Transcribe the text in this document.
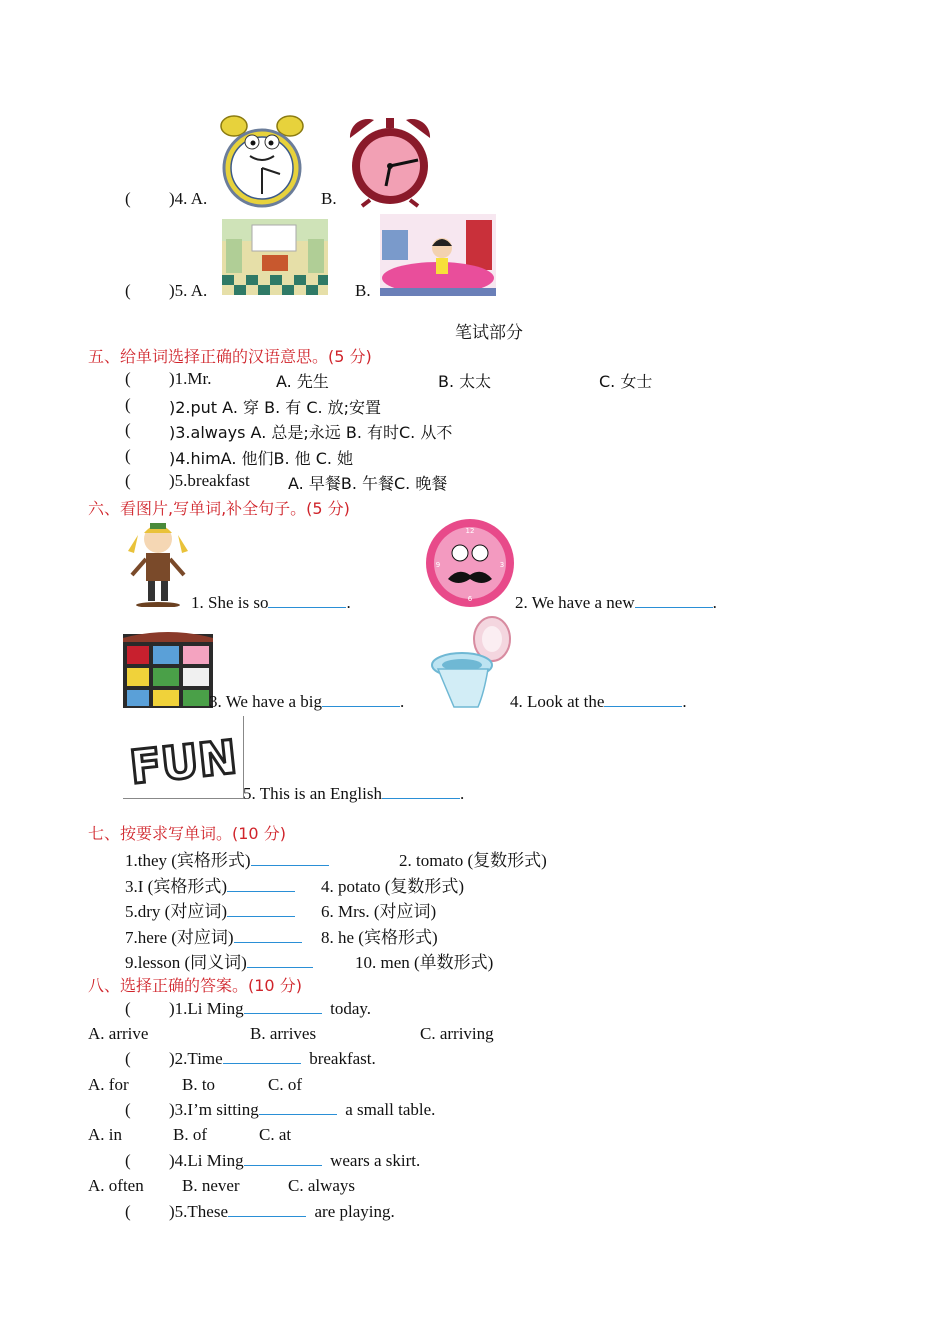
( )4. A.	B.
( )5. A.	B.
笔试部分
五、给单词选择正确的汉语意思。(5 分)
( )1.Mr.	A. 先生	B. 太太	C. 女士
( )2.put A. 穿 B. 有 C. 放;安置
( )3.always A. 总是;永远 B. 有时C. 从不
( )4.himA. 他们B. 他 C. 她
( )5.breakfast A. 早餐B. 午餐C. 晚餐
六、看图片,写单词,补全句子。(5 分)
1. She is so	.
12
3
6
9
2. We have a new	.
3. We have a big	.	4. Look at the	.
FUN 5. This is an English	.
七、按要求写单词。(10 分)
1.they (宾格形式)	2. tomato (复数形式)
3.I (宾格形式)	4. potato (复数形式)
5.dry (对应词)	6. Mrs. (对应词)
7.here (对应词)	8. he (宾格形式)
9.lesson (同义词)	10. men (单数形式)
八、选择正确的答案。(10 分)
( )1.Li Ming	today.
A. arrive	B. arrives	C. arriving
( )2.Time	breakfast.
A. for	B. to	C. of
( )3.I’m sitting	a small table.
A. in	B. of	C. at
( )4.Li Ming	wears a skirt.
A. often B. never	C. always
( )5.These	are playing.
